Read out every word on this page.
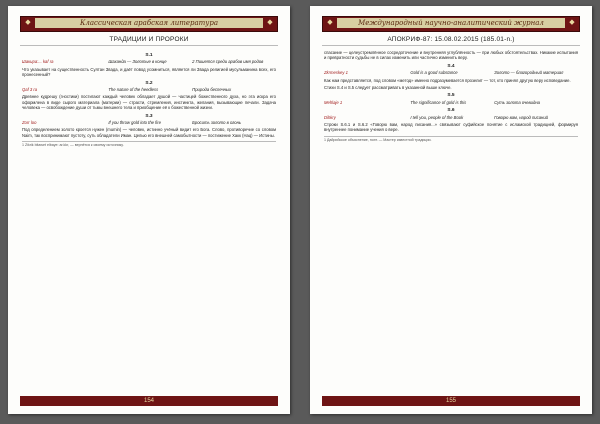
◆	Классическая арабская литература	◆
ТРАДИЦИИ И ПРОРОКИ
S.1
Шакира:​... kaf ra	Шаханда — Золотые в конце	2 Пишется среди арабов имя родов

Что указывает на существенность Султан Звада, и даёт повод усомниться, является ли Звада религией мусульманина всех, его пронесенный?

S.2
Qaf 3 ra	The nature of the heedless	Природа беспечных

Древнее кудрешу (гностики) постигают каждый человек обладает душой — частицей божественного духа, но эта искра его оформлена в виде сырого материала (материи) — страсти, стремления, инстинкта, желания, вызывающие печали. Задача человека — освобождение души от тьмы внешнего тела и приобщение её к божественной жизни.

S.3
Zorr loo	If you throw gold into the fire	Бросить золото в огонь

Под определением золото кроется нужен (mumin) — человек, истинно учёный видит его Бога. Слово, противоречие со словом Naim, так воспринимают пустоту, суть обладатели Иман. Целью его внешней самобытности — постижение Хакк (Haq) — Истины.

1 Zikrik bitawet elbaye: ar.kkr, — вернётся к своему источнику.
154
◆	Международный научно-аналитический журнал	◆
АПОКРИФ-87: 15.08.02.2015 (185.01-n.)

спасание — целеустремлённое сосредоточение и внутренняя углублённость — при любых обстоятельствах. Никакие испытания и превратности судьбы не в силах изменить или частично изменить веру.

S.4
Zkrmeskey 1	Gold is a good substance	Золото — благородный материал

Как нам представляется, под словом «метод» именно подразумевается прозелит — тот, кто принял другую веру исповедание.

Стихи S.4 и S.5 следует рассматривать в указанной выше ключе.

S.5
Mehlaje 1	The significance of gold is this	Суть золота очевидна
S.6
Dihkry	I tell you, people of the Book	Говорю вам, народ писаний

Строки S.6.1 и S.6.2 «Говорю вам, народ писания...» связывают суфийское понятие с исламской традицией, формируя внутреннее понимание учения о вере.

1 Дайрийское объяснение, поэт. — Мастер известной традиции.
155
